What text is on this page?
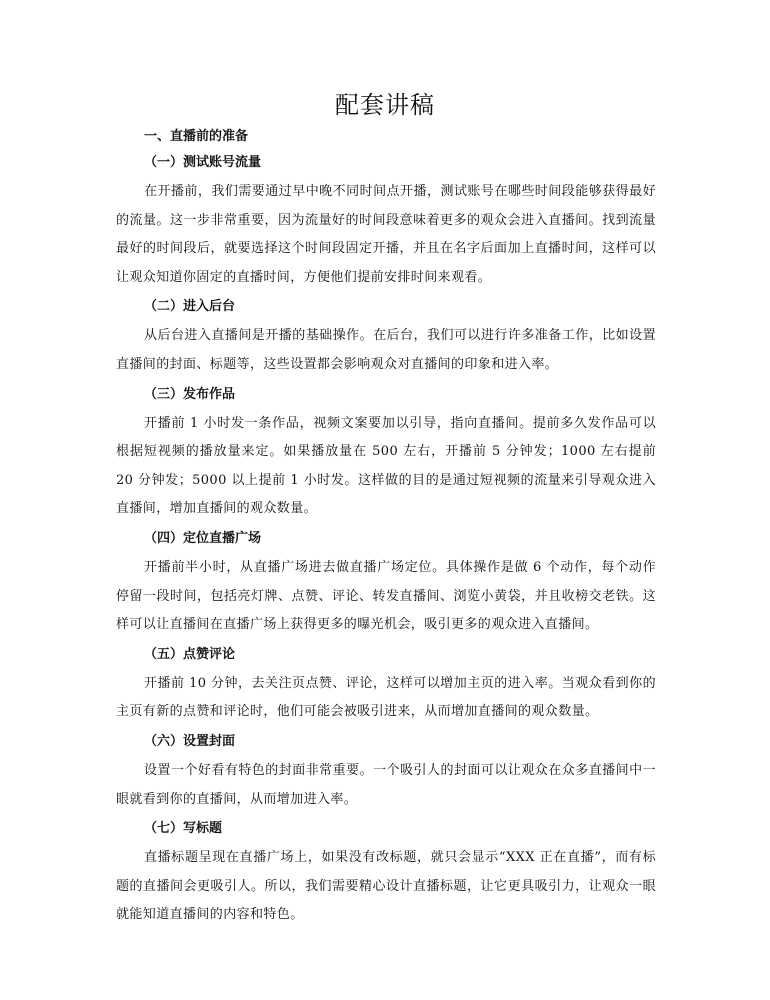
配套讲稿
一、直播前的准备
（一）测试账号流量

在开播前，我们需要通过早中晚不同时间点开播，测试账号在哪些时间段能够获得最好的流量。这一步非常重要，因为流量好的时间段意味着更多的观众会进入直播间。找到流量最好的时间段后，就要选择这个时间段固定开播，并且在名字后面加上直播时间，这样可以让观众知道你固定的直播时间，方便他们提前安排时间来观看。

（二）进入后台

从后台进入直播间是开播的基础操作。在后台，我们可以进行许多准备工作，比如设置直播间的封面、标题等，这些设置都会影响观众对直播间的印象和进入率。

（三）发布作品

开播前 1 小时发一条作品，视频文案要加以引导，指向直播间。提前多久发作品可以根据短视频的播放量来定。如果播放量在 500 左右，开播前 5 分钟发；1000 左右提前 20 分钟发；5000 以上提前 1 小时发。这样做的目的是通过短视频的流量来引导观众进入直播间，增加直播间的观众数量。

（四）定位直播广场

开播前半小时，从直播广场进去做直播广场定位。具体操作是做 6 个动作，每个动作停留一段时间，包括亮灯牌、点赞、评论、转发直播间、浏览小黄袋，并且收榜交老铁。这样可以让直播间在直播广场上获得更多的曝光机会，吸引更多的观众进入直播间。

（五）点赞评论

开播前 10 分钟，去关注页点赞、评论，这样可以增加主页的进入率。当观众看到你的主页有新的点赞和评论时，他们可能会被吸引进来，从而增加直播间的观众数量。

（六）设置封面

设置一个好看有特色的封面非常重要。一个吸引人的封面可以让观众在众多直播间中一眼就看到你的直播间，从而增加进入率。

（七）写标题

直播标题呈现在直播广场上，如果没有改标题，就只会显示“XXX 正在直播”，而有标题的直播间会更吸引人。所以，我们需要精心设计直播标题，让它更具吸引力，让观众一眼就能知道直播间的内容和特色。
